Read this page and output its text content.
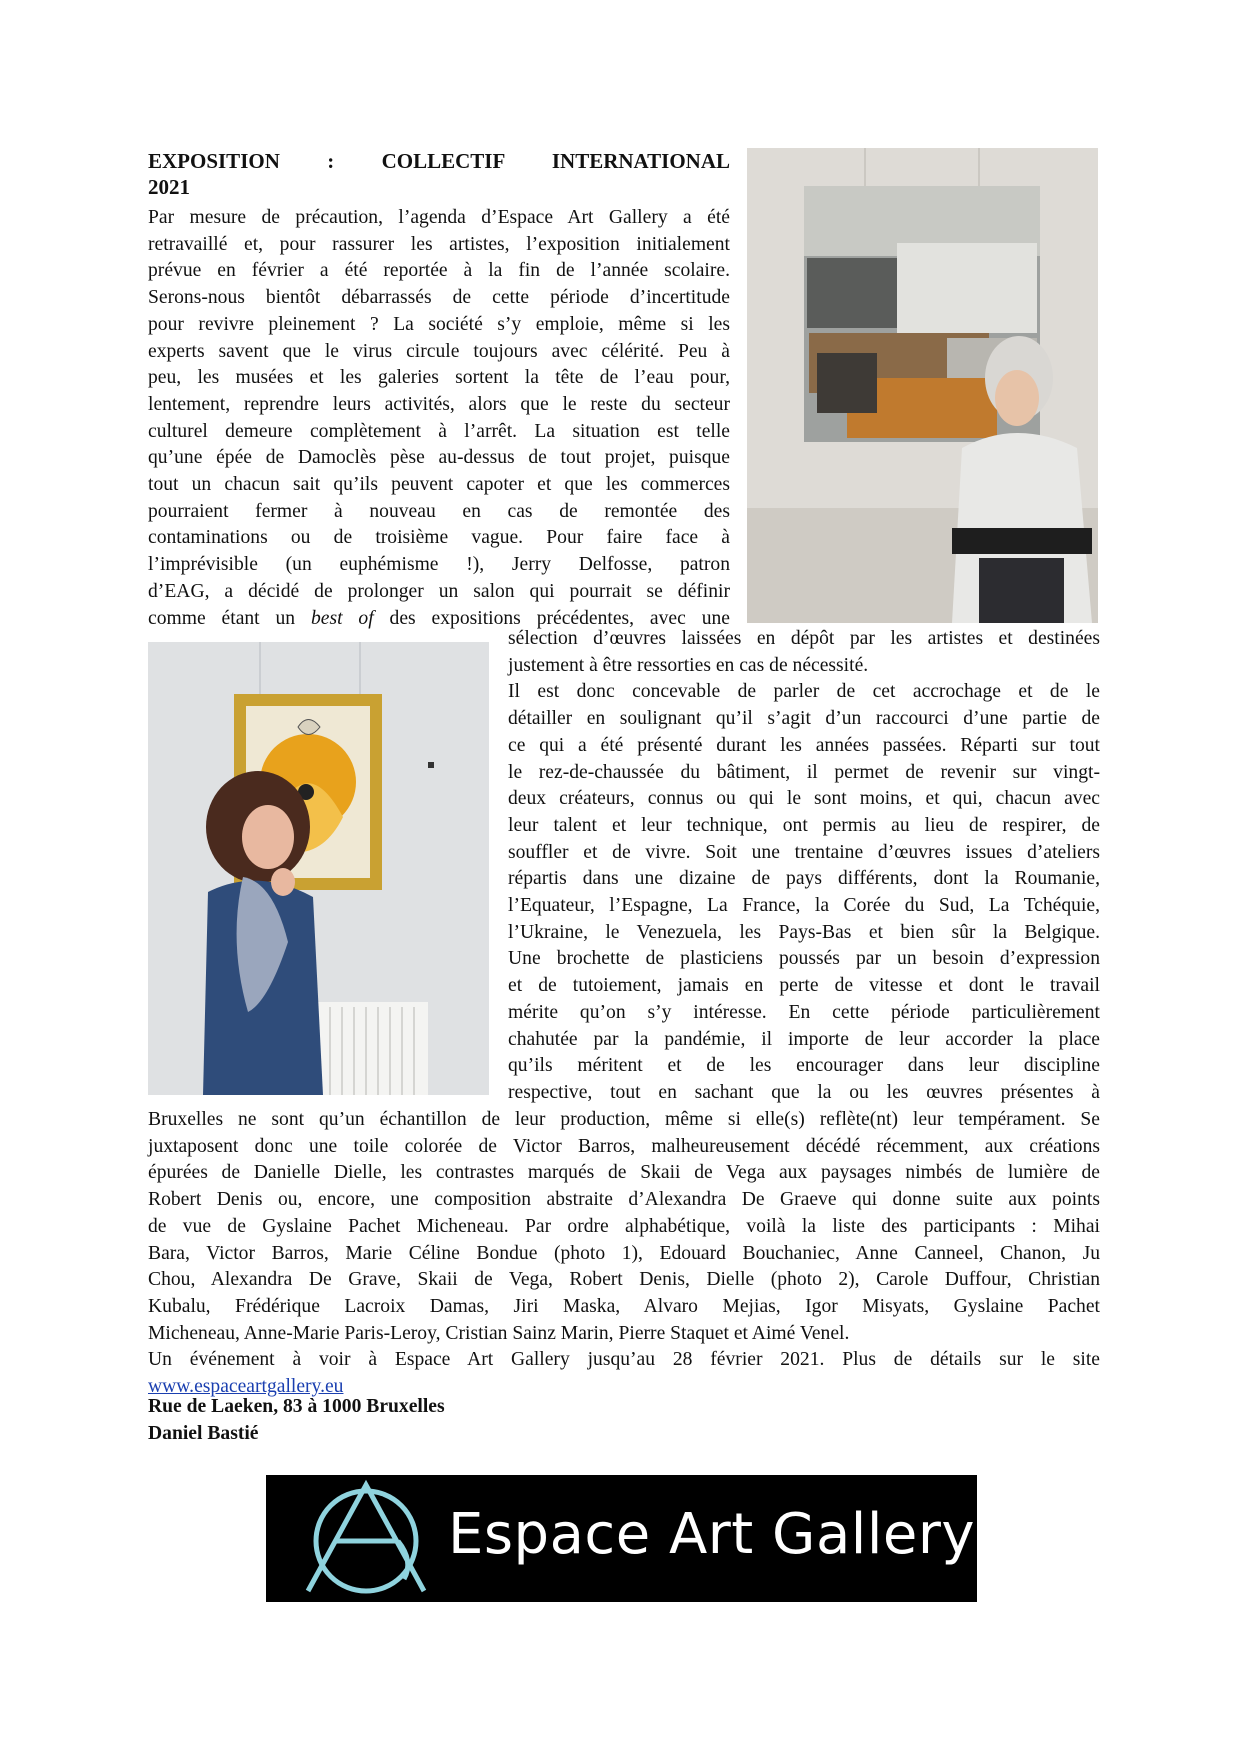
EXPOSITION : COLLECTIF INTERNATIONAL
2021

Par mesure de précaution, l’agenda d’Espace Art Gallery a été
retravaillé et, pour rassurer les artistes, l’exposition initialement
prévue en février a été reportée à la fin de l’année scolaire.
Serons-nous bientôt débarrassés de cette période d’incertitude
pour revivre pleinement ? La société s’y emploie, même si les
experts savent que le virus circule toujours avec célérité. Peu à
peu, les musées et les galeries sortent la tête de l’eau pour,
lentement, reprendre leurs activités, alors que le reste du secteur
culturel demeure complètement à l’arrêt. La situation est telle
qu’une épée de Damoclès pèse au-dessus de tout projet, puisque
tout un chacun sait qu’ils peuvent capoter et que les commerces
pourraient fermer à nouveau en cas de remontée des
contaminations ou de troisième vague. Pour faire face à
l’imprévisible (un euphémisme !), Jerry Delfosse, patron
d’EAG, a décidé de prolonger un salon qui pourrait se définir
comme étant un best of des expositions précédentes, avec une

sélection d’œuvres laissées en dépôt par les artistes et destinées
justement à être ressorties en cas de nécessité.
Il est donc concevable de parler de cet accrochage et de le
détailler en soulignant qu’il s’agit d’un raccourci d’une partie de
ce qui a été présenté durant les années passées. Réparti sur tout
le rez-de-chaussée du bâtiment, il permet de revenir sur vingt-
deux créateurs, connus ou qui le sont moins, et qui, chacun avec
leur talent et leur technique, ont permis au lieu de respirer, de
souffler et de vivre. Soit une trentaine d’œuvres issues d’ateliers
répartis dans une dizaine de pays différents, dont la Roumanie,
l’Equateur, l’Espagne, La France, la Corée du Sud, La Tchéquie,
l’Ukraine, le Venezuela, les Pays-Bas et bien sûr la Belgique.
Une brochette de plasticiens poussés par un besoin d’expression
et de tutoiement, jamais en perte de vitesse et dont le travail
mérite qu’on s’y intéresse. En cette période particulièrement
chahutée par la pandémie, il importe de leur accorder la place
qu’ils méritent et de les encourager dans leur discipline
respective, tout en sachant que la ou les œuvres présentes à

Bruxelles ne sont qu’un échantillon de leur production, même si elle(s) reflète(nt) leur tempérament. Se
juxtaposent donc une toile colorée de Victor Barros, malheureusement décédé récemment, aux créations
épurées de Danielle Dielle, les contrastes marqués de Skaii de Vega aux paysages nimbés de lumière de
Robert Denis ou, encore, une composition abstraite d’Alexandra De Graeve qui donne suite aux points
de vue de Gyslaine Pachet Micheneau. Par ordre alphabétique, voilà la liste des participants : Mihai
Bara, Victor Barros, Marie Céline Bondue (photo 1), Edouard Bouchaniec, Anne Canneel, Chanon, Ju
Chou, Alexandra De Grave, Skaii de Vega, Robert Denis, Dielle (photo 2), Carole Duffour, Christian
Kubalu, Frédérique Lacroix Damas, Jiri Maska, Alvaro Mejias, Igor Misyats, Gyslaine Pachet
Micheneau, Anne-Marie Paris-Leroy, Cristian Sainz Marin, Pierre Staquet et Aimé Venel.
Un événement à voir à Espace Art Gallery jusqu’au 28 février 2021. Plus de détails sur le site
www.espaceartgallery.eu

Rue de Laeken, 83 à 1000 Bruxelles
Daniel Bastié
Espace Art Gallery
